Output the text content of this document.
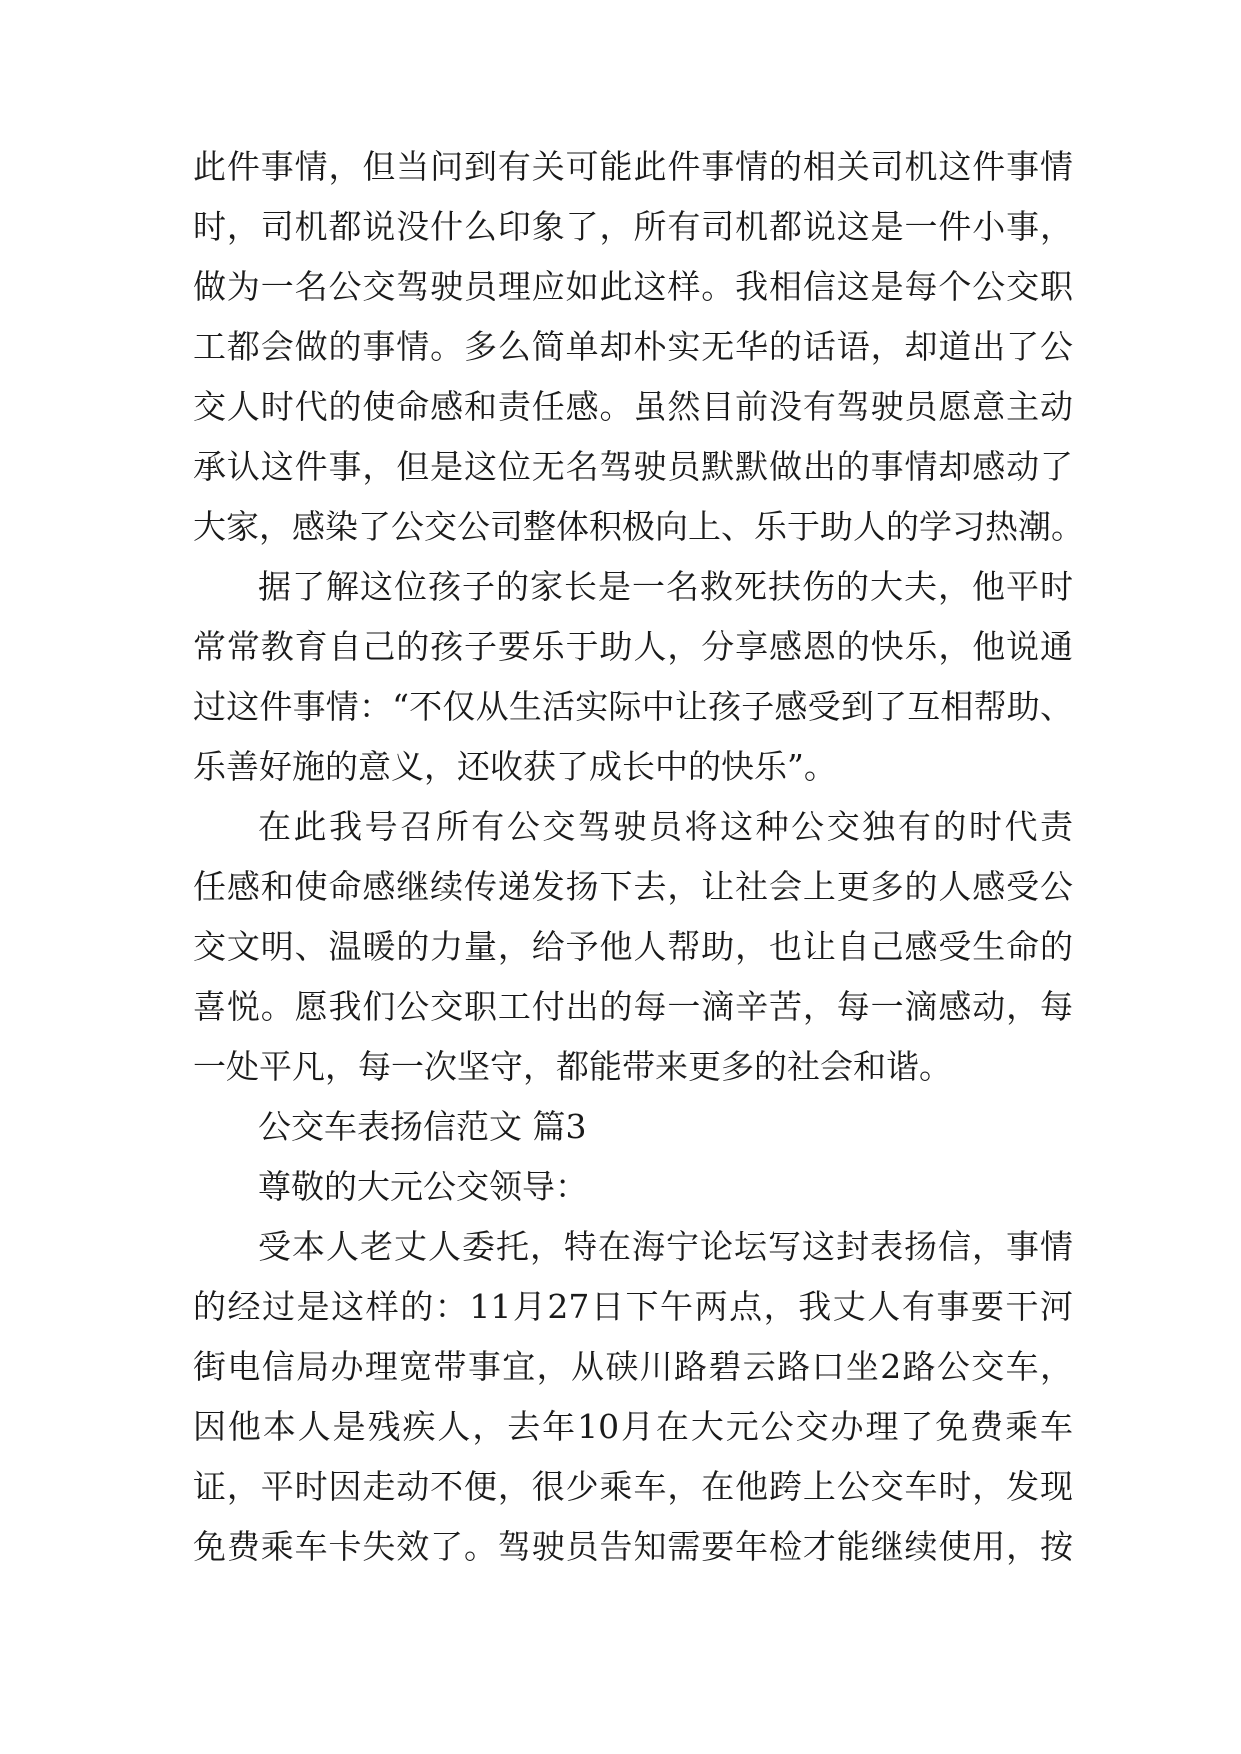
此件事情，但当问到有关可能此件事情的相关司机这件事情
时，司机都说没什么印象了，所有司机都说这是一件小事，
做为一名公交驾驶员理应如此这样。我相信这是每个公交职
工都会做的事情。多么简单却朴实无华的话语，却道出了公
交人时代的使命感和责任感。虽然目前没有驾驶员愿意主动
承认这件事，但是这位无名驾驶员默默做出的事情却感动了
大家，感染了公交公司整体积极向上、乐于助人的学习热潮。
据了解这位孩子的家长是一名救死扶伤的大夫，他平时
常常教育自己的孩子要乐于助人，分享感恩的快乐，他说通
过这件事情：“不仅从生活实际中让孩子感受到了互相帮助、
乐善好施的意义，还收获了成长中的快乐”。
在此我号召所有公交驾驶员将这种公交独有的时代责
任感和使命感继续传递发扬下去，让社会上更多的人感受公
交文明、温暖的力量，给予他人帮助，也让自己感受生命的
喜悦。愿我们公交职工付出的每一滴辛苦，每一滴感动，每
一处平凡，每一次坚守，都能带来更多的社会和谐。
公交车表扬信范文 篇3
尊敬的大元公交领导：
受本人老丈人委托，特在海宁论坛写这封表扬信，事情
的经过是这样的：11月27日下午两点，我丈人有事要干河
街电信局办理宽带事宜，从硖川路碧云路口坐2路公交车，
因他本人是残疾人，去年10月在大元公交办理了免费乘车
证，平时因走动不便，很少乘车，在他跨上公交车时，发现
免费乘车卡失效了。驾驶员告知需要年检才能继续使用，按
